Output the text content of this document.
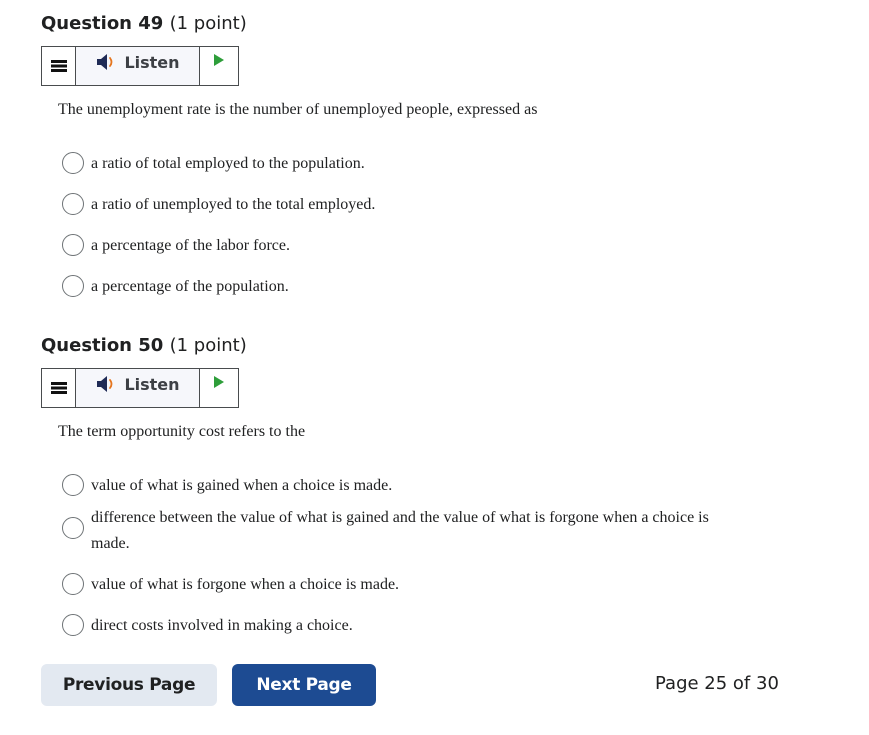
Question 49 (1 point)
Listen
The unemployment rate is the number of unemployed people, expressed as
a ratio of total employed to the population.
a ratio of unemployed to the total employed.
a percentage of the labor force.
a percentage of the population.
Question 50 (1 point)
Listen
The term opportunity cost refers to the
value of what is gained when a choice is made.
difference between the value of what is gained and the value of what is forgone when a choice is made.
value of what is forgone when a choice is made.
direct costs involved in making a choice.
Previous Page	Next Page	Page 25 of 30
